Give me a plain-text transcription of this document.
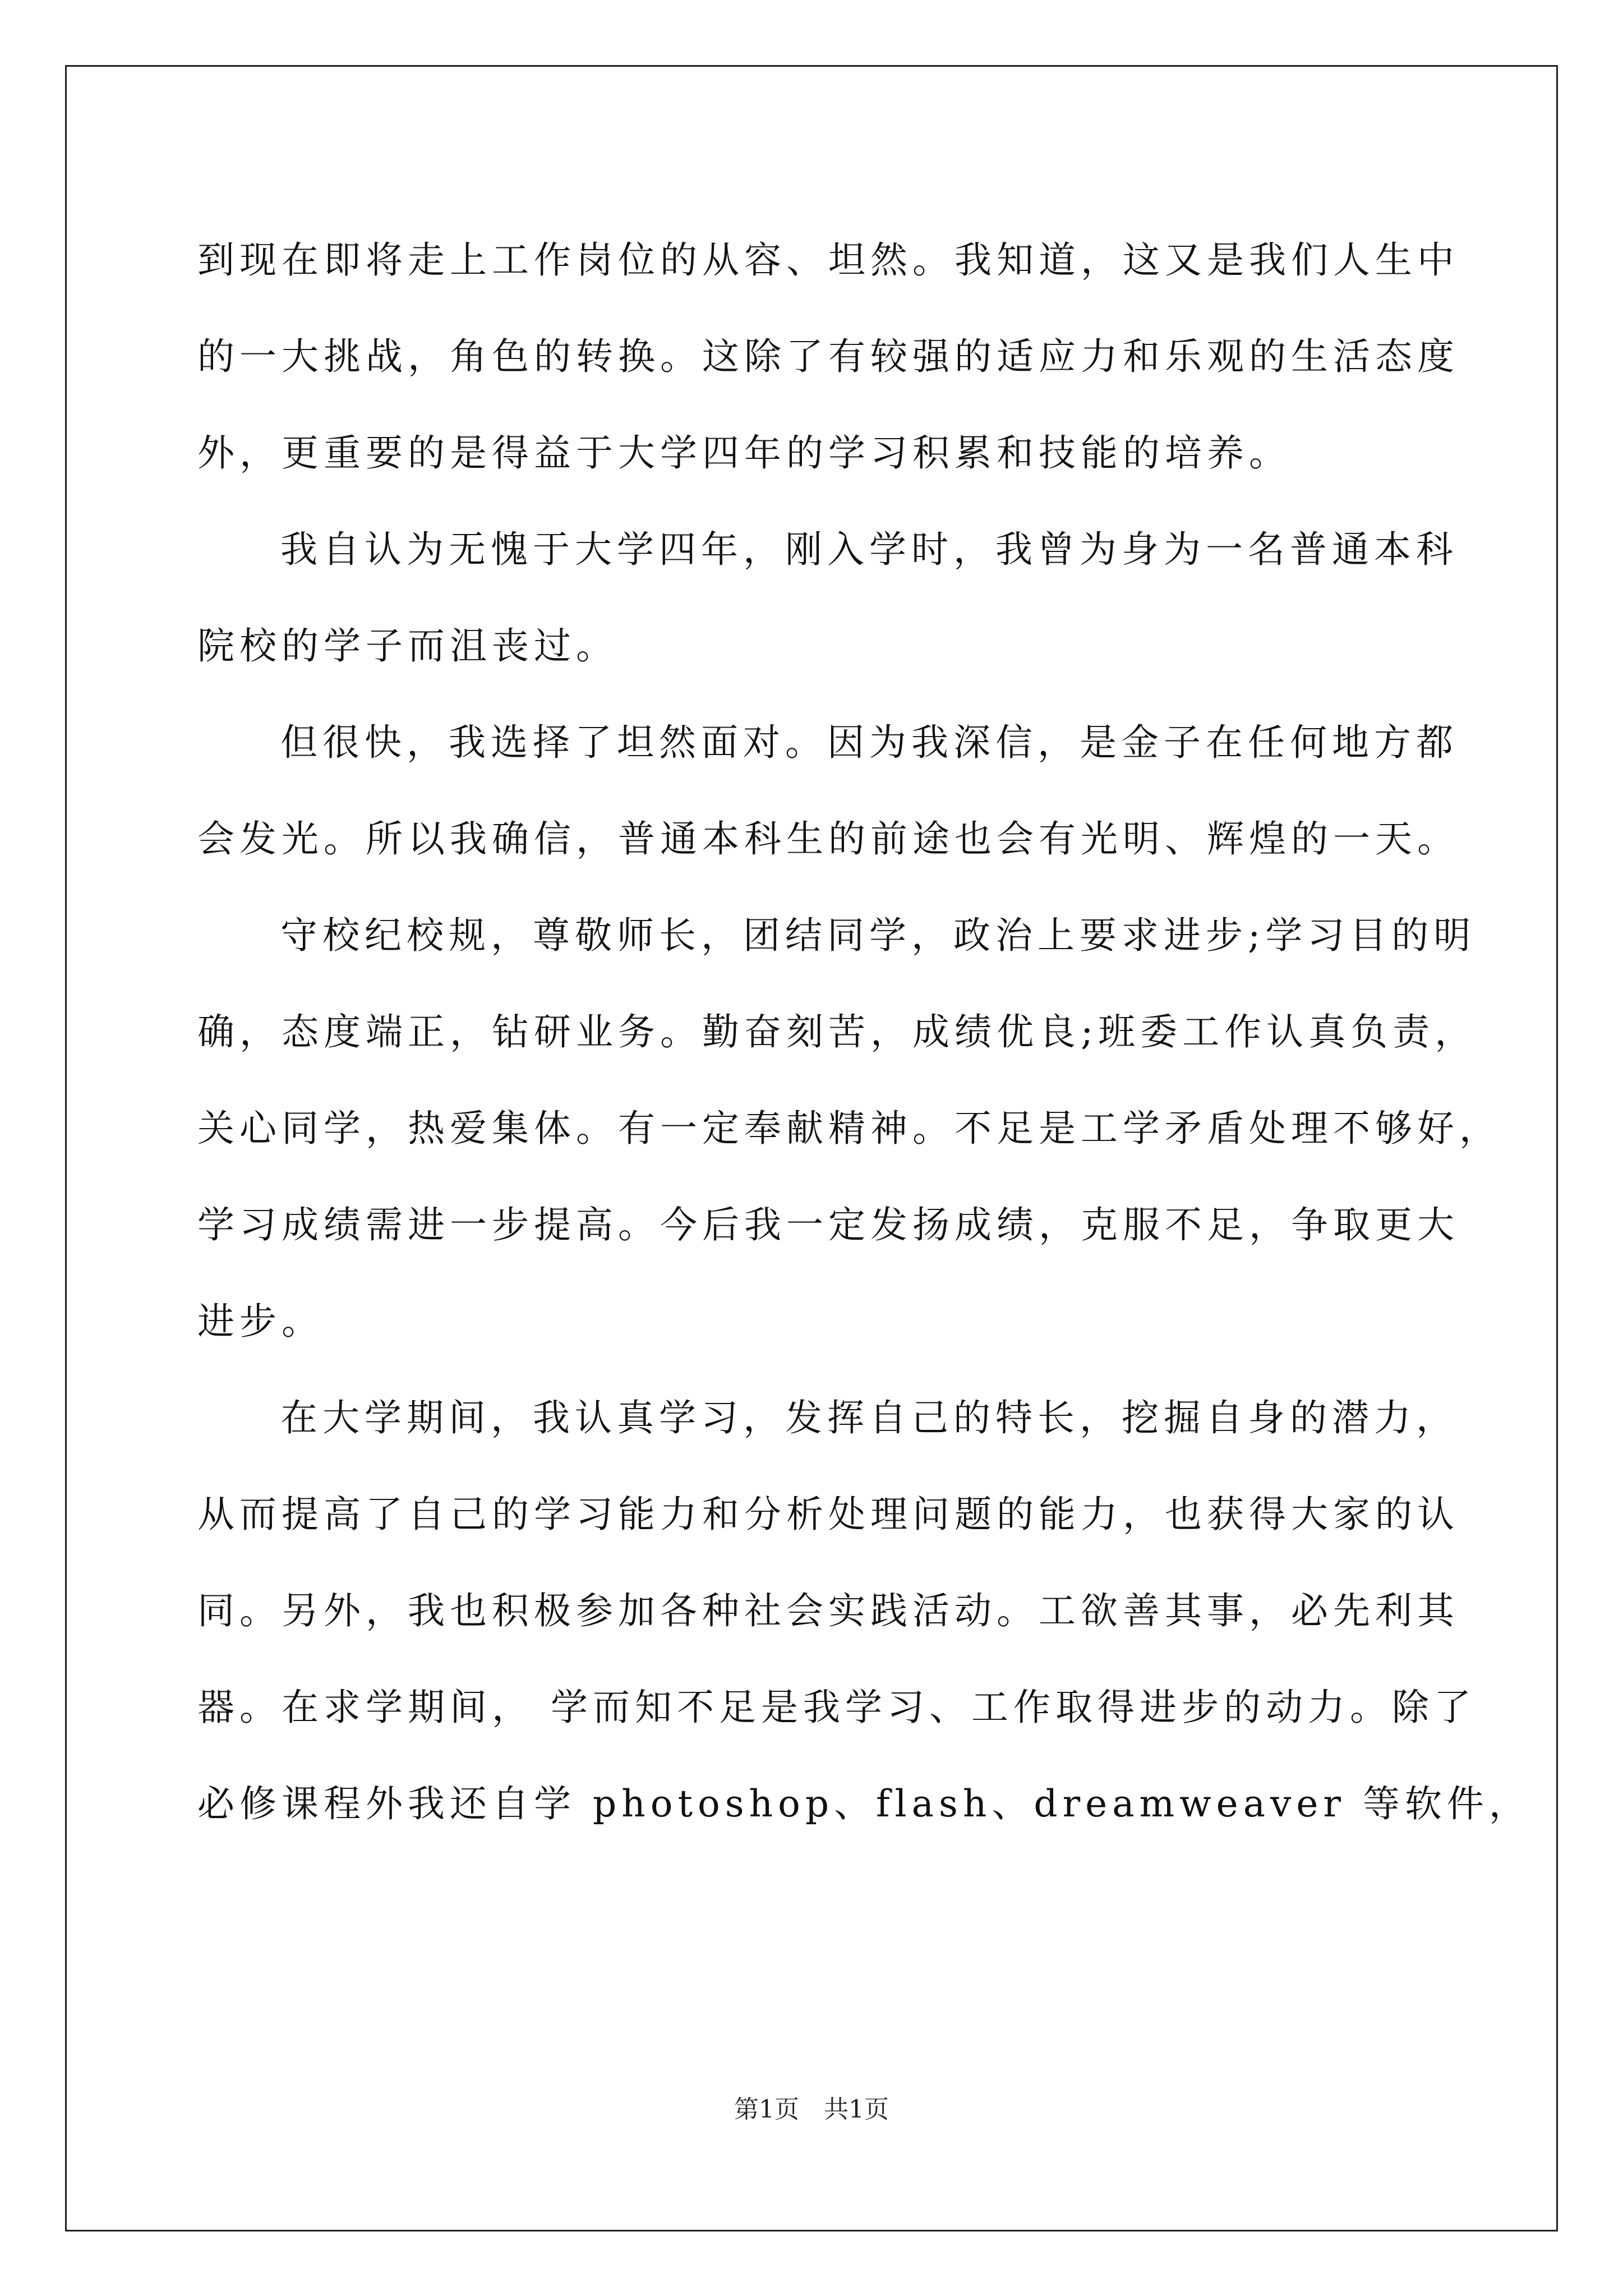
到现在即将走上工作岗位的从容、坦然。我知道，这又是我们人生中
的一大挑战，角色的转换。这除了有较强的适应力和乐观的生活态度
外，更重要的是得益于大学四年的学习积累和技能的培养。
我自认为无愧于大学四年，刚入学时，我曾为身为一名普通本科
院校的学子而沮丧过。
但很快，我选择了坦然面对。因为我深信，是金子在任何地方都
会发光。所以我确信，普通本科生的前途也会有光明、辉煌的一天。
守校纪校规，尊敬师长，团结同学，政治上要求进步;学习目的明
确，态度端正，钻研业务。勤奋刻苦，成绩优良;班委工作认真负责，
关心同学，热爱集体。有一定奉献精神。不足是工学矛盾处理不够好，
学习成绩需进一步提高。今后我一定发扬成绩，克服不足，争取更大
进步。
在大学期间，我认真学习，发挥自己的特长，挖掘自身的潜力，
从而提高了自己的学习能力和分析处理问题的能力，也获得大家的认
同。另外，我也积极参加各种社会实践活动。工欲善其事，必先利其
器。在求学期间， 学而知不足是我学习、工作取得进步的动力。除了
必修课程外我还自学 photoshop、flash、dreamweaver 等软件，
第1页　共1页
